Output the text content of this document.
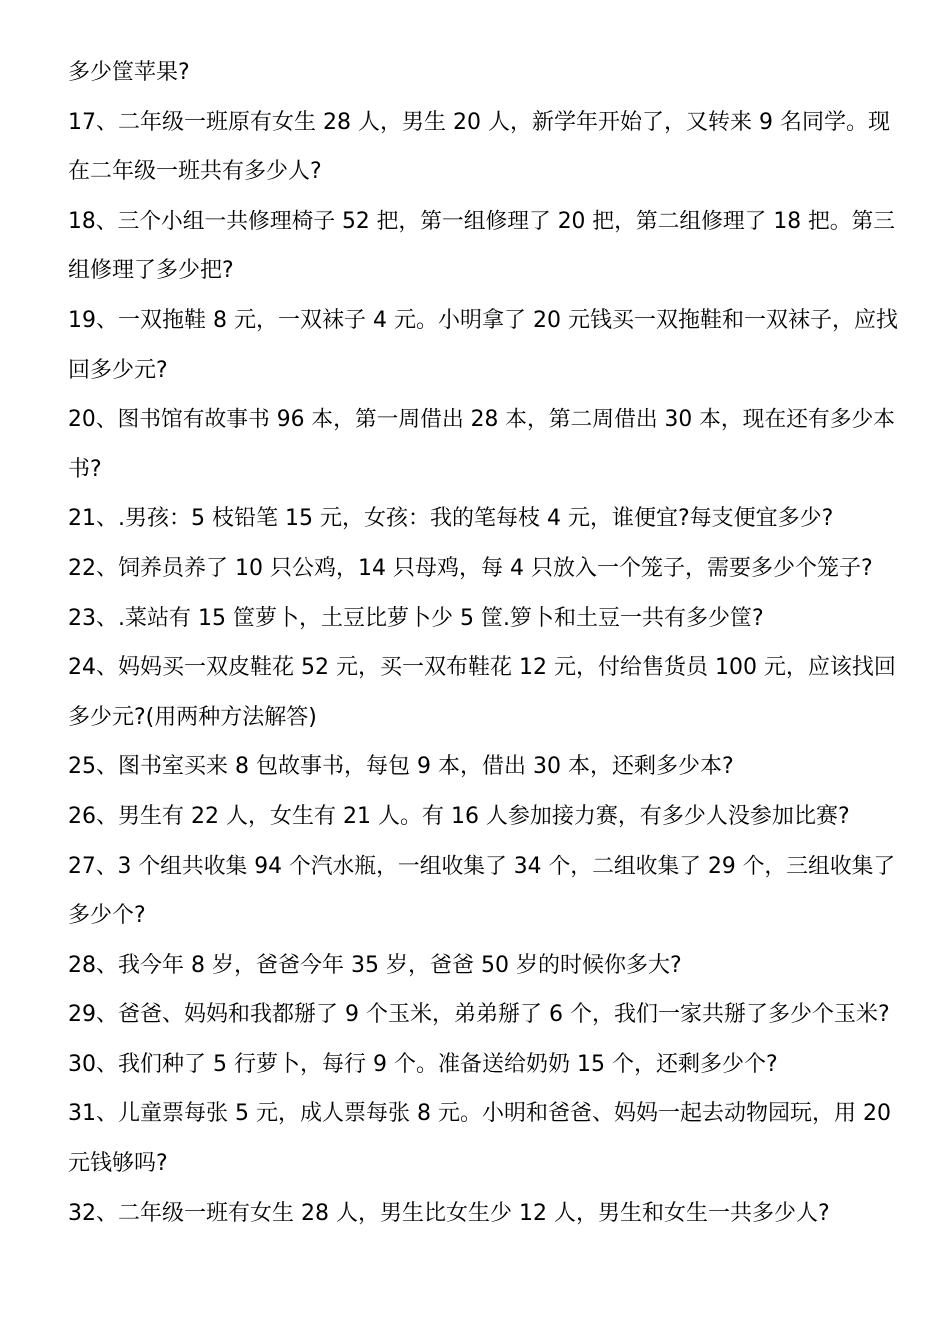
多少筐苹果?
17、二年级一班原有女生 28 人，男生 20 人，新学年开始了，又转来 9 名同学。现
在二年级一班共有多少人?
18、三个小组一共修理椅子 52 把，第一组修理了 20 把，第二组修理了 18 把。第三
组修理了多少把?
19、一双拖鞋 8 元，一双袜子 4 元。小明拿了 20 元钱买一双拖鞋和一双袜子，应找
回多少元?
20、图书馆有故事书 96 本，第一周借出 28 本，第二周借出 30 本，现在还有多少本
书?
21、.男孩：5 枝铅笔 15 元，女孩：我的笔每枝 4 元，谁便宜?每支便宜多少?
22、饲养员养了 10 只公鸡，14 只母鸡，每 4 只放入一个笼子，需要多少个笼子?
23、.菜站有 15 筐萝卜，土豆比萝卜少 5 筐.箩卜和土豆一共有多少筐?
24、妈妈买一双皮鞋花 52 元，买一双布鞋花 12 元，付给售货员 100 元，应该找回
多少元?(用两种方法解答)
25、图书室买来 8 包故事书，每包 9 本，借出 30 本，还剩多少本?
26、男生有 22 人，女生有 21 人。有 16 人参加接力赛，有多少人没参加比赛?
27、3 个组共收集 94 个汽水瓶，一组收集了 34 个，二组收集了 29 个，三组收集了
多少个?
28、我今年 8 岁，爸爸今年 35 岁，爸爸 50 岁的时候你多大?
29、爸爸、妈妈和我都掰了 9 个玉米，弟弟掰了 6 个，我们一家共掰了多少个玉米?
30、我们种了 5 行萝卜，每行 9 个。准备送给奶奶 15 个，还剩多少个?
31、儿童票每张 5 元，成人票每张 8 元。小明和爸爸、妈妈一起去动物园玩，用 20
元钱够吗?
32、二年级一班有女生 28 人，男生比女生少 12 人，男生和女生一共多少人?
